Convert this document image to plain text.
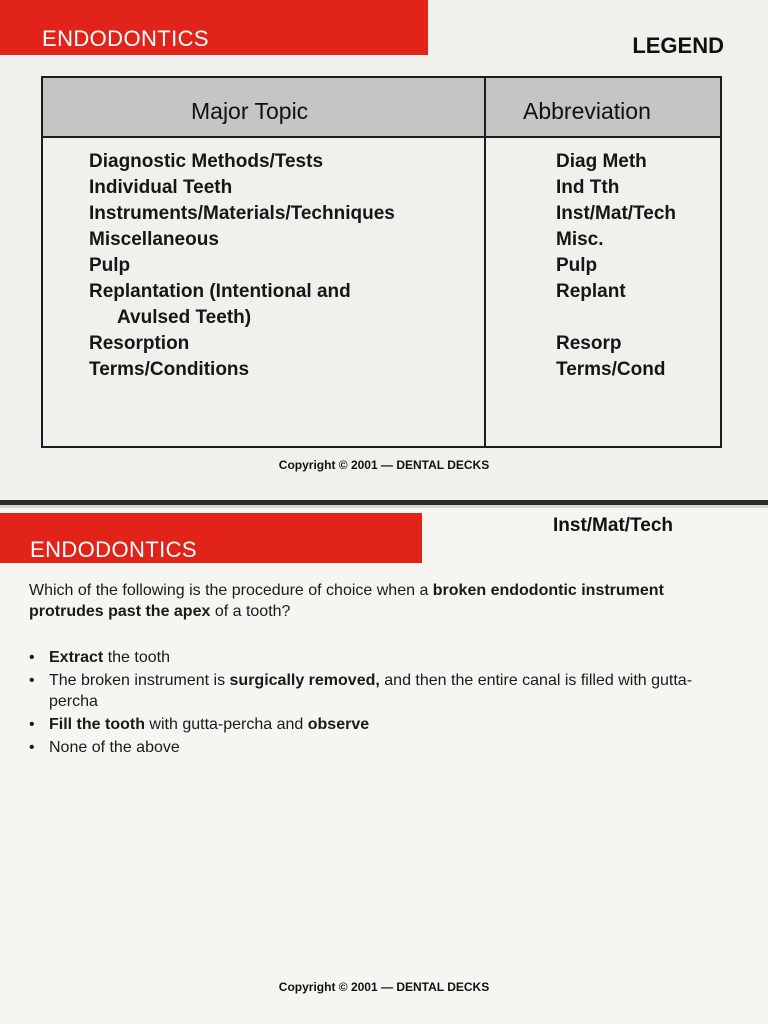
ENDODONTICS	LEGEND
Major Topic	Abbreviation
Diagnostic Methods/Tests
Individual Teeth
Instruments/Materials/Techniques
Miscellaneous
Pulp
Replantation (Intentional and
Avulsed Teeth)
Resorption
Terms/Conditions
Diag Meth
Ind Tth
Inst/Mat/Tech
Misc.
Pulp
Replant
Resorp
Terms/Cond
Copyright © 2001 — DENTAL DECKS
ENDODONTICS
Inst/Mat/Tech
Which of the following is the procedure of choice when a broken endodontic instrument protrudes past the apex of a tooth?
• Extract the tooth
• The broken instrument is surgically removed, and then the entire canal is filled with gutta-percha
• Fill the tooth with gutta-percha and observe
• None of the above
Copyright © 2001 — DENTAL DECKS
